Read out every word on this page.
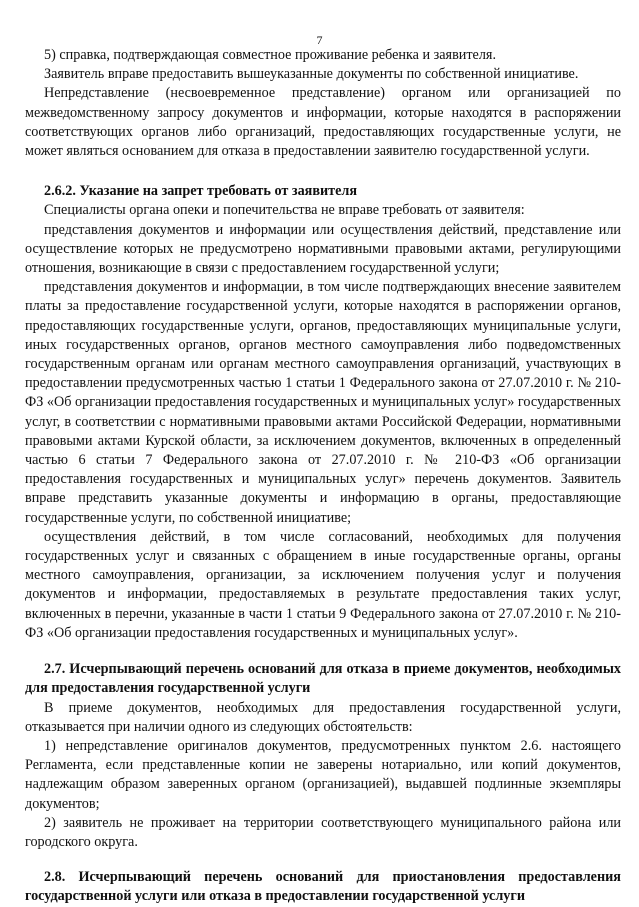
7

5) справка, подтверждающая совместное проживание ребенка и заявителя.

Заявитель вправе предоставить вышеуказанные документы по собственной инициативе.

Непредставление (несвоевременное представление) органом или организацией по межведомственному запросу документов и информации, которые находятся в распоряжении соответствующих органов либо организаций, предоставляющих государственные услуги, не может являться основанием для отказа в предоставлении заявителю государственной услуги.

2.6.2. Указание на запрет требовать от заявителя

Специалисты органа опеки и попечительства не вправе требовать от заявителя:

представления документов и информации или осуществления действий, представление или осуществление которых не предусмотрено нормативными правовыми актами, регулирующими отношения, возникающие в связи с предоставлением государственной услуги;

представления документов и информации, в том числе подтверждающих внесение заявителем платы за предоставление государственной услуги, которые находятся в распоряжении органов, предоставляющих государственные услуги, органов, предоставляющих муниципальные услуги, иных государственных органов, органов местного самоуправления либо подведомственных государственным органам или органам местного самоуправления организаций, участвующих в предоставлении предусмотренных частью 1 статьи 1 Федерального закона от 27.07.2010 г. № 210-ФЗ «Об организации предоставления государственных и муниципальных услуг» государственных услуг, в соответствии с нормативными правовыми актами Российской Федерации, нормативными правовыми актами Курской области, за исключением документов, включенных в определенный частью 6 статьи 7 Федерального закона от 27.07.2010 г. № 210-ФЗ «Об организации предоставления государственных и муниципальных услуг» перечень документов. Заявитель вправе представить указанные документы и информацию в органы, предоставляющие государственные услуги, по собственной инициативе;

осуществления действий, в том числе согласований, необходимых для получения государственных услуг и связанных с обращением в иные государственные органы, органы местного самоуправления, организации, за исключением получения услуг и получения документов и информации, предоставляемых в результате предоставления таких услуг, включенных в перечни, указанные в части 1 статьи 9 Федерального закона от 27.07.2010 г. № 210-ФЗ «Об организации предоставления государственных и муниципальных услуг».

2.7. Исчерпывающий перечень оснований для отказа в приеме документов, необходимых для предоставления государственной услуги

В приеме документов, необходимых для предоставления государственной услуги, отказывается при наличии одного из следующих обстоятельств:

1) непредставление оригиналов документов, предусмотренных пунктом 2.6. настоящего Регламента, если представленные копии не заверены нотариально, или копий документов, надлежащим образом заверенных органом (организацией), выдавшей подлинные экземпляры документов;

2) заявитель не проживает на территории соответствующего муниципального района или городского округа.

2.8. Исчерпывающий перечень оснований для приостановления предоставления государственной услуги или отказа в предоставлении государственной услуги
